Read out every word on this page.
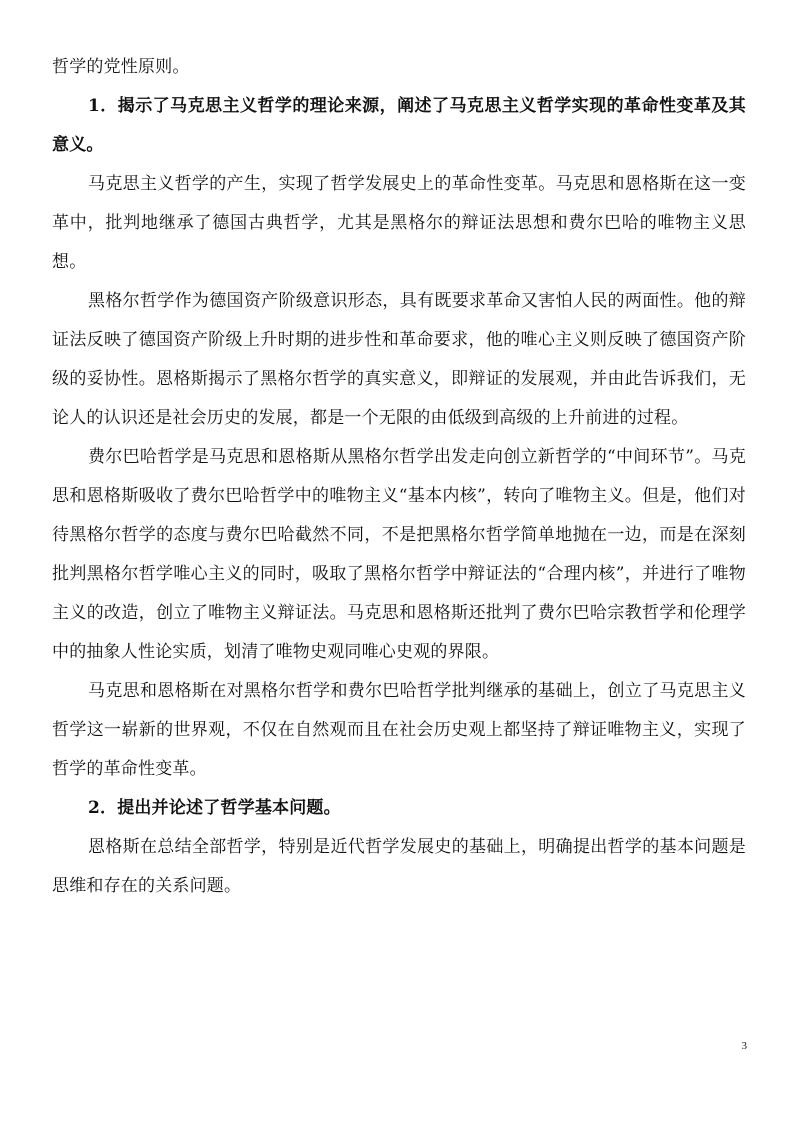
哲学的党性原则。

1．揭示了马克思主义哲学的理论来源，阐述了马克思主义哲学实现的革命性变革及其意义。

马克思主义哲学的产生，实现了哲学发展史上的革命性变革。马克思和恩格斯在这一变革中，批判地继承了德国古典哲学，尤其是黑格尔的辩证法思想和费尔巴哈的唯物主义思想。

黑格尔哲学作为德国资产阶级意识形态，具有既要求革命又害怕人民的两面性。他的辩证法反映了德国资产阶级上升时期的进步性和革命要求，他的唯心主义则反映了德国资产阶级的妥协性。恩格斯揭示了黑格尔哲学的真实意义，即辩证的发展观，并由此告诉我们，无论人的认识还是社会历史的发展，都是一个无限的由低级到高级的上升前进的过程。

费尔巴哈哲学是马克思和恩格斯从黑格尔哲学出发走向创立新哲学的“中间环节”。马克思和恩格斯吸收了费尔巴哈哲学中的唯物主义“基本内核”，转向了唯物主义。但是，他们对待黑格尔哲学的态度与费尔巴哈截然不同，不是把黑格尔哲学简单地抛在一边，而是在深刻批判黑格尔哲学唯心主义的同时，吸取了黑格尔哲学中辩证法的“合理内核”，并进行了唯物主义的改造，创立了唯物主义辩证法。马克思和恩格斯还批判了费尔巴哈宗教哲学和伦理学中的抽象人性论实质，划清了唯物史观同唯心史观的界限。

马克思和恩格斯在对黑格尔哲学和费尔巴哈哲学批判继承的基础上，创立了马克思主义哲学这一崭新的世界观，不仅在自然观而且在社会历史观上都坚持了辩证唯物主义，实现了哲学的革命性变革。

2．提出并论述了哲学基本问题。

恩格斯在总结全部哲学，特别是近代哲学发展史的基础上，明确提出哲学的基本问题是思维和存在的关系问题。

3
